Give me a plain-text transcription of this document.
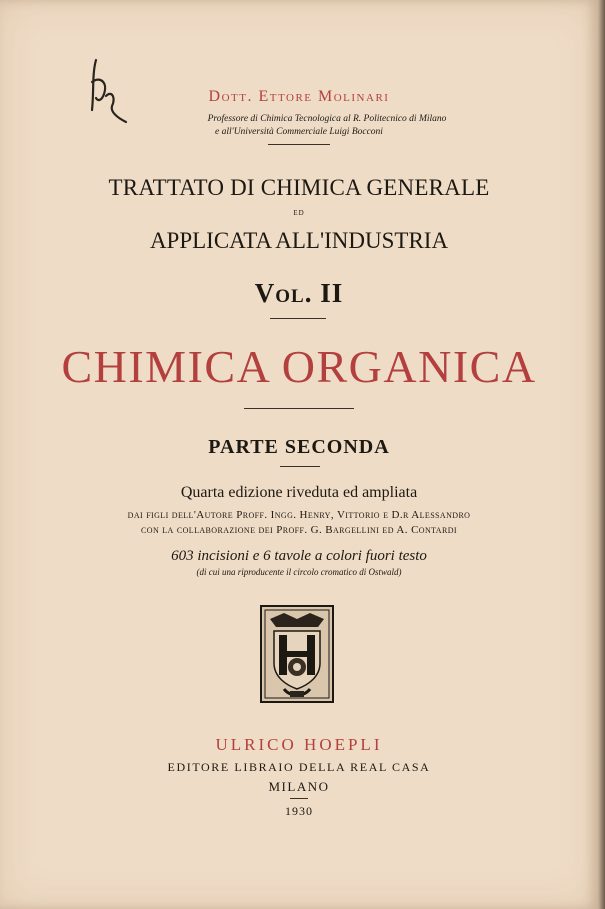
Dott. Ettore Molinari
Professore di Chimica Tecnologica al R. Politecnico di Milano
e all'Università Commerciale Luigi Bocconi
TRATTATO DI CHIMICA GENERALE
ED
APPLICATA ALL'INDUSTRIA
Vol. II
CHIMICA ORGANICA
PARTE SECONDA
Quarta edizione riveduta ed ampliata
dai figli dell'Autore Proff. Ingg. Henry, Vittorio e D.r Alessandro
con la collaborazione dei Proff. G. Bargellini ed A. Contardi
603 incisioni e 6 tavole a colori fuori testo
(di cui una riproducente il circolo cromatico di Ostwald)
ULRICO HOEPLI
EDITORE LIBRAIO DELLA REAL CASA
MILANO
1930
